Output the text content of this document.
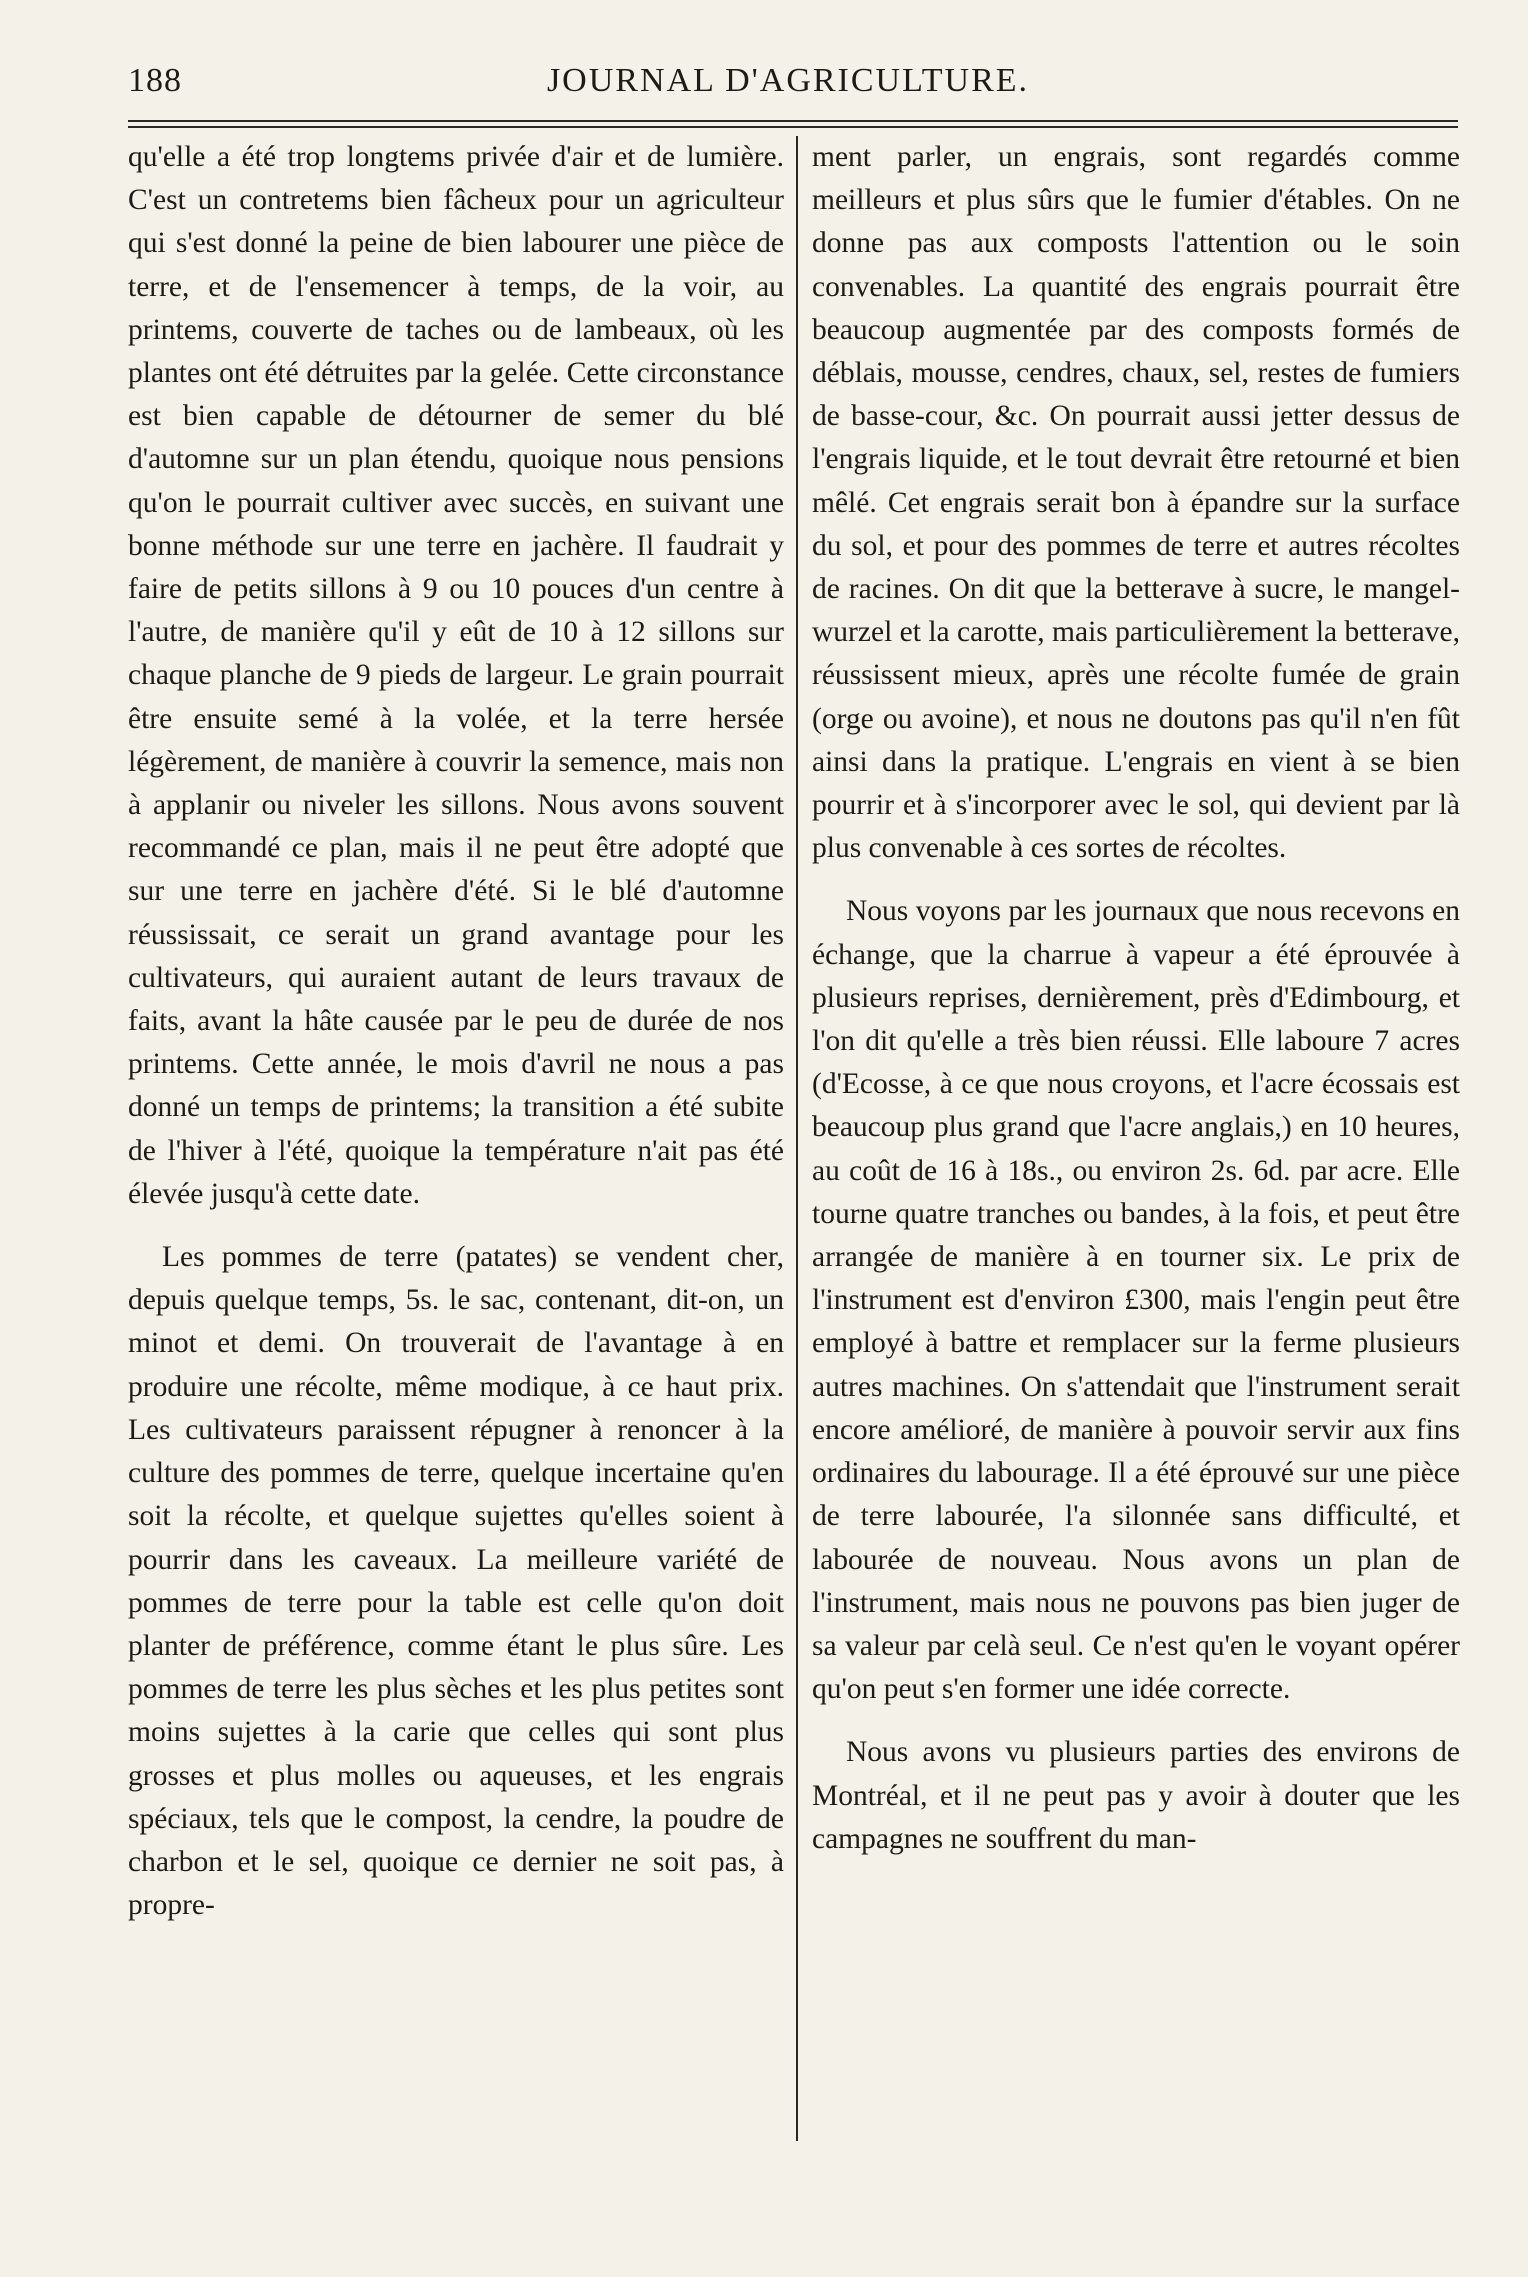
188	JOURNAL D'AGRICULTURE.

qu'elle a été trop longtems privée d'air et de lumière. C'est un contretems bien fâcheux pour un agriculteur qui s'est donné la peine de bien labourer une pièce de terre, et de l'ensemencer à temps, de la voir, au printems, couverte de taches ou de lambeaux, où les plantes ont été détruites par la gelée. Cette circonstance est bien capable de détourner de semer du blé d'automne sur un plan étendu, quoique nous pensions qu'on le pourrait cultiver avec succès, en suivant une bonne méthode sur une terre en jachère. Il faudrait y faire de petits sillons à 9 ou 10 pouces d'un centre à l'autre, de manière qu'il y eût de 10 à 12 sillons sur chaque planche de 9 pieds de largeur. Le grain pourrait être ensuite semé à la volée, et la terre hersée légèrement, de manière à couvrir la semence, mais non à applanir ou niveler les sillons. Nous avons souvent recommandé ce plan, mais il ne peut être adopté que sur une terre en jachère d'été. Si le blé d'automne réussissait, ce serait un grand avantage pour les cultivateurs, qui auraient autant de leurs travaux de faits, avant la hâte causée par le peu de durée de nos printems. Cette année, le mois d'avril ne nous a pas donné un temps de printems; la transition a été subite de l'hiver à l'été, quoique la température n'ait pas été élevée jusqu'à cette date.

Les pommes de terre (patates) se vendent cher, depuis quelque temps, 5s. le sac, contenant, dit-on, un minot et demi. On trouverait de l'avantage à en produire une récolte, même modique, à ce haut prix. Les cultivateurs paraissent répugner à renoncer à la culture des pommes de terre, quelque incertaine qu'en soit la récolte, et quelque sujettes qu'elles soient à pourrir dans les caveaux. La meilleure variété de pommes de terre pour la table est celle qu'on doit planter de préférence, comme étant le plus sûre. Les pommes de terre les plus sèches et les plus petites sont moins sujettes à la carie que celles qui sont plus grosses et plus molles ou aqueuses, et les engrais spéciaux, tels que le compost, la cendre, la poudre de charbon et le sel, quoique ce dernier ne soit pas, à propre-

ment parler, un engrais, sont regardés comme meilleurs et plus sûrs que le fumier d'étables. On ne donne pas aux composts l'attention ou le soin convenables. La quantité des engrais pourrait être beaucoup augmentée par des composts formés de déblais, mousse, cendres, chaux, sel, restes de fumiers de basse-cour, &c. On pourrait aussi jetter dessus de l'engrais liquide, et le tout devrait être retourné et bien mêlé. Cet engrais serait bon à épandre sur la surface du sol, et pour des pommes de terre et autres récoltes de racines. On dit que la betterave à sucre, le mangel-wurzel et la carotte, mais particulièrement la betterave, réussissent mieux, après une récolte fumée de grain (orge ou avoine), et nous ne doutons pas qu'il n'en fût ainsi dans la pratique. L'engrais en vient à se bien pourrir et à s'incorporer avec le sol, qui devient par là plus convenable à ces sortes de récoltes.

Nous voyons par les journaux que nous recevons en échange, que la charrue à vapeur a été éprouvée à plusieurs reprises, dernièrement, près d'Edimbourg, et l'on dit qu'elle a très bien réussi. Elle laboure 7 acres (d'Ecosse, à ce que nous croyons, et l'acre écossais est beaucoup plus grand que l'acre anglais,) en 10 heures, au coût de 16 à 18s., ou environ 2s. 6d. par acre. Elle tourne quatre tranches ou bandes, à la fois, et peut être arrangée de manière à en tourner six. Le prix de l'instrument est d'environ £300, mais l'engin peut être employé à battre et remplacer sur la ferme plusieurs autres machines. On s'attendait que l'instrument serait encore amélioré, de manière à pouvoir servir aux fins ordinaires du labourage. Il a été éprouvé sur une pièce de terre labourée, l'a silonnée sans difficulté, et labourée de nouveau. Nous avons un plan de l'instrument, mais nous ne pouvons pas bien juger de sa valeur par celà seul. Ce n'est qu'en le voyant opérer qu'on peut s'en former une idée correcte.

Nous avons vu plusieurs parties des environs de Montréal, et il ne peut pas y avoir à douter que les campagnes ne souffrent du man-
